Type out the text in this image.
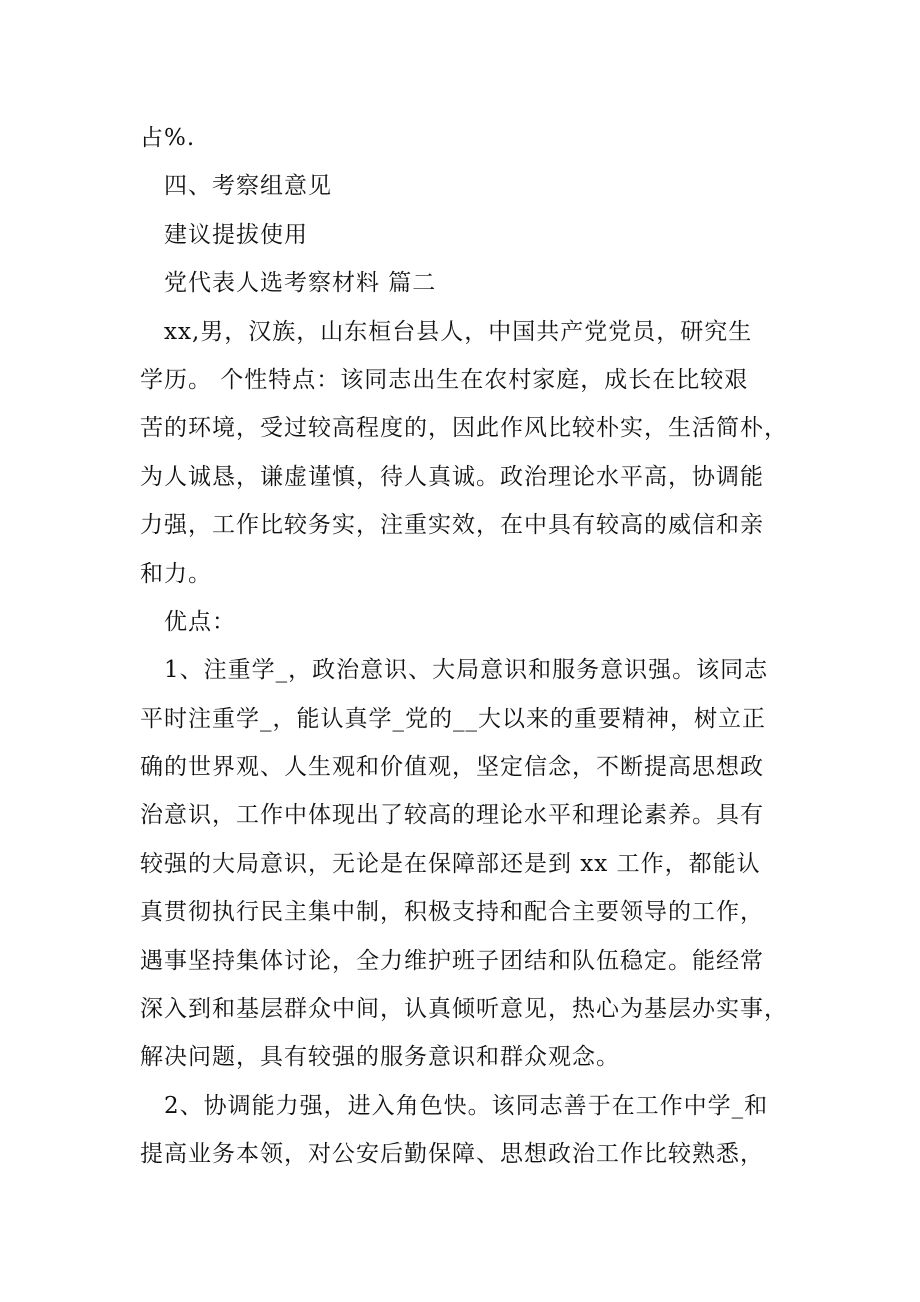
占%.
四、考察组意见
建议提拔使用
党代表人选考察材料 篇二
xx,男，汉族，山东桓台县人，中国共产党党员，研究生
学历。 个性特点：该同志出生在农村家庭，成长在比较艰
苦的环境，受过较高程度的，因此作风比较朴实，生活简朴，
为人诚恳，谦虚谨慎，待人真诚。政治理论水平高，协调能
力强，工作比较务实，注重实效，在中具有较高的威信和亲
和力。
优点：
1、注重学_，政治意识、大局意识和服务意识强。该同志
平时注重学_，能认真学_党的__大以来的重要精神，树立正
确的世界观、人生观和价值观，坚定信念，不断提高思想政
治意识，工作中体现出了较高的理论水平和理论素养。具有
较强的大局意识，无论是在保障部还是到 xx 工作，都能认
真贯彻执行民主集中制，积极支持和配合主要领导的工作，
遇事坚持集体讨论，全力维护班子团结和队伍稳定。能经常
深入到和基层群众中间，认真倾听意见，热心为基层办实事，
解决问题，具有较强的服务意识和群众观念。
2、协调能力强，进入角色快。该同志善于在工作中学_和
提高业务本领，对公安后勤保障、思想政治工作比较熟悉，
